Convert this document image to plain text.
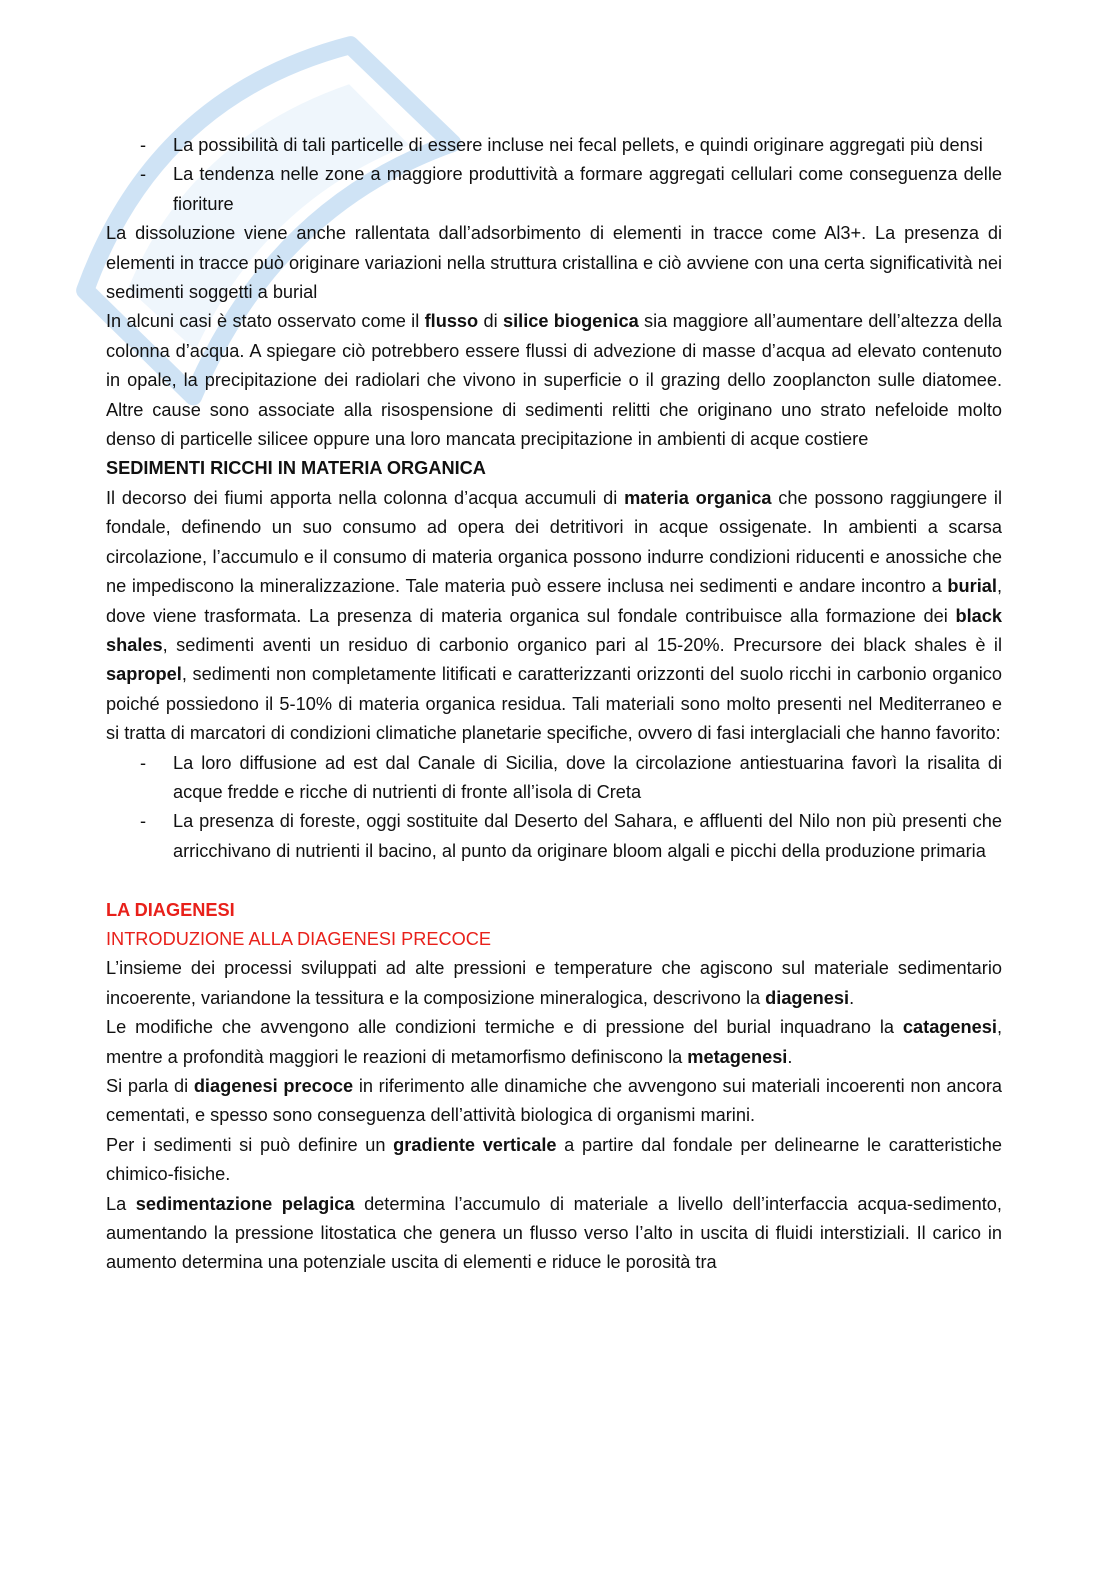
- La possibilità di tali particelle di essere incluse nei fecal pellets, e quindi originare aggregati più densi
- La tendenza nelle zone a maggiore produttività a formare aggregati cellulari come conseguenza delle fioriture

La dissoluzione viene anche rallentata dall’adsorbimento di elementi in tracce come Al3+. La presenza di elementi in tracce può originare variazioni nella struttura cristallina e ciò avviene con una certa significatività nei sedimenti soggetti a burial

In alcuni casi è stato osservato come il flusso di silice biogenica sia maggiore all’aumentare dell’altezza della colonna d’acqua. A spiegare ciò potrebbero essere flussi di advezione di masse d’acqua ad elevato contenuto in opale, la precipitazione dei radiolari che vivono in superficie o il grazing dello zooplancton sulle diatomee. Altre cause sono associate alla risospensione di sedimenti relitti che originano uno strato nefeloide molto denso di particelle silicee oppure una loro mancata precipitazione in ambienti di acque costiere

SEDIMENTI RICCHI IN MATERIA ORGANICA

Il decorso dei fiumi apporta nella colonna d’acqua accumuli di materia organica che possono raggiungere il fondale, definendo un suo consumo ad opera dei detritivori in acque ossigenate. In ambienti a scarsa circolazione, l’accumulo e il consumo di materia organica possono indurre condizioni riducenti e anossiche che ne impediscono la mineralizzazione. Tale materia può essere inclusa nei sedimenti e andare incontro a burial, dove viene trasformata. La presenza di materia organica sul fondale contribuisce alla formazione dei black shales, sedimenti aventi un residuo di carbonio organico pari al 15-20%. Precursore dei black shales è il sapropel, sedimenti non completamente litificati e caratterizzanti orizzonti del suolo ricchi in carbonio organico poiché possiedono il 5-10% di materia organica residua. Tali materiali sono molto presenti nel Mediterraneo e si tratta di marcatori di condizioni climatiche planetarie specifiche, ovvero di fasi interglaciali che hanno favorito:

- La loro diffusione ad est dal Canale di Sicilia, dove la circolazione antiestuarina favorì la risalita di acque fredde e ricche di nutrienti di fronte all’isola di Creta
- La presenza di foreste, oggi sostituite dal Deserto del Sahara, e affluenti del Nilo non più presenti che arricchivano di nutrienti il bacino, al punto da originare bloom algali e picchi della produzione primaria

LA DIAGENESI

INTRODUZIONE ALLA DIAGENESI PRECOCE

L’insieme dei processi sviluppati ad alte pressioni e temperature che agiscono sul materiale sedimentario incoerente, variandone la tessitura e la composizione mineralogica, descrivono la diagenesi.

Le modifiche che avvengono alle condizioni termiche e di pressione del burial inquadrano la catagenesi, mentre a profondità maggiori le reazioni di metamorfismo definiscono la metagenesi.

Si parla di diagenesi precoce in riferimento alle dinamiche che avvengono sui materiali incoerenti non ancora cementati, e spesso sono conseguenza dell’attività biologica di organismi marini.

Per i sedimenti si può definire un gradiente verticale a partire dal fondale per delinearne le caratteristiche chimico-fisiche.

La sedimentazione pelagica determina l’accumulo di materiale a livello dell’interfaccia acqua-sedimento, aumentando la pressione litostatica che genera un flusso verso l’alto in uscita di fluidi interstiziali. Il carico in aumento determina una potenziale uscita di elementi e riduce le porosità tra
